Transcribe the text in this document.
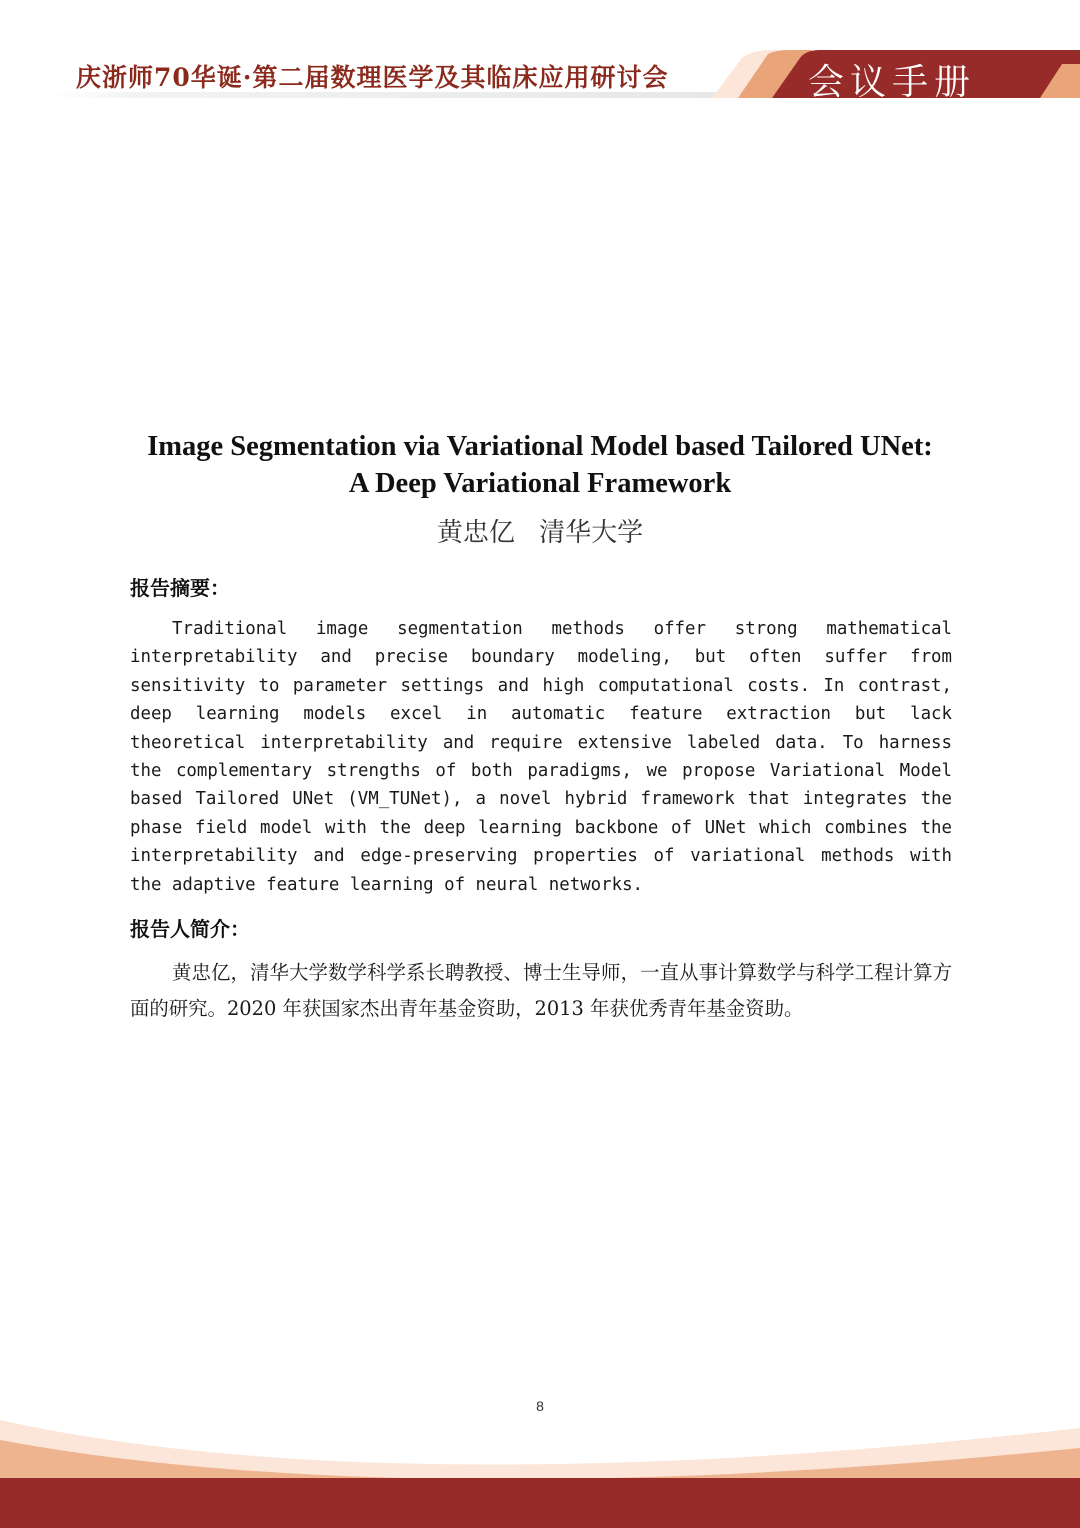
庆浙师70华诞·第二届数理医学及其临床应用研讨会	会议手册
Image Segmentation via Variational Model based Tailored UNet:
A Deep Variational Framework
黄忠亿 清华大学
报告摘要：

Traditional image segmentation methods offer strong mathematical interpretability and precise boundary modeling, but often suffer from sensitivity to parameter settings and high computational costs. In contrast, deep learning models excel in automatic feature extraction but lack theoretical interpretability and require extensive labeled data. To harness the complementary strengths of both paradigms, we propose Variational Model based Tailored UNet (VM_TUNet), a novel hybrid framework that integrates the phase field model with the deep learning backbone of UNet which combines the interpretability and edge-preserving properties of variational methods with the adaptive feature learning of neural networks.

报告人简介：

黄忠亿，清华大学数学科学系长聘教授、博士生导师，一直从事计算数学与科学工程计算方面的研究。2020 年获国家杰出青年基金资助，2013 年获优秀青年基金资助。

8
